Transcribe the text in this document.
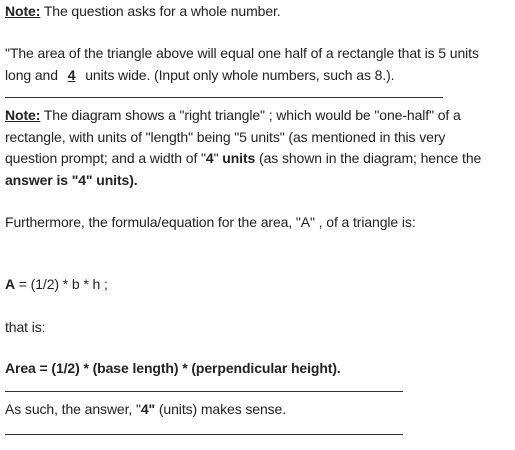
Note: The question asks for a whole number.
"The area of the triangle above will equal one half of a rectangle that is 5 units
long and 4 units wide. (Input only whole numbers, such as 8.).
Note: The diagram shows a "right triangle" ; which would be "one-half" of a
rectangle, with units of "length" being "5 units" (as mentioned in this very
question prompt; and a width of "4" units (as shown in the diagram; hence the
answer is "4" units).
Furthermore, the formula/equation for the area, "A" , of a triangle is:
A = (1/2) * b * h ;
that is:
Area = (1/2) * (base length) * (perpendicular height).
As such, the answer, "4" (units) makes sense.
